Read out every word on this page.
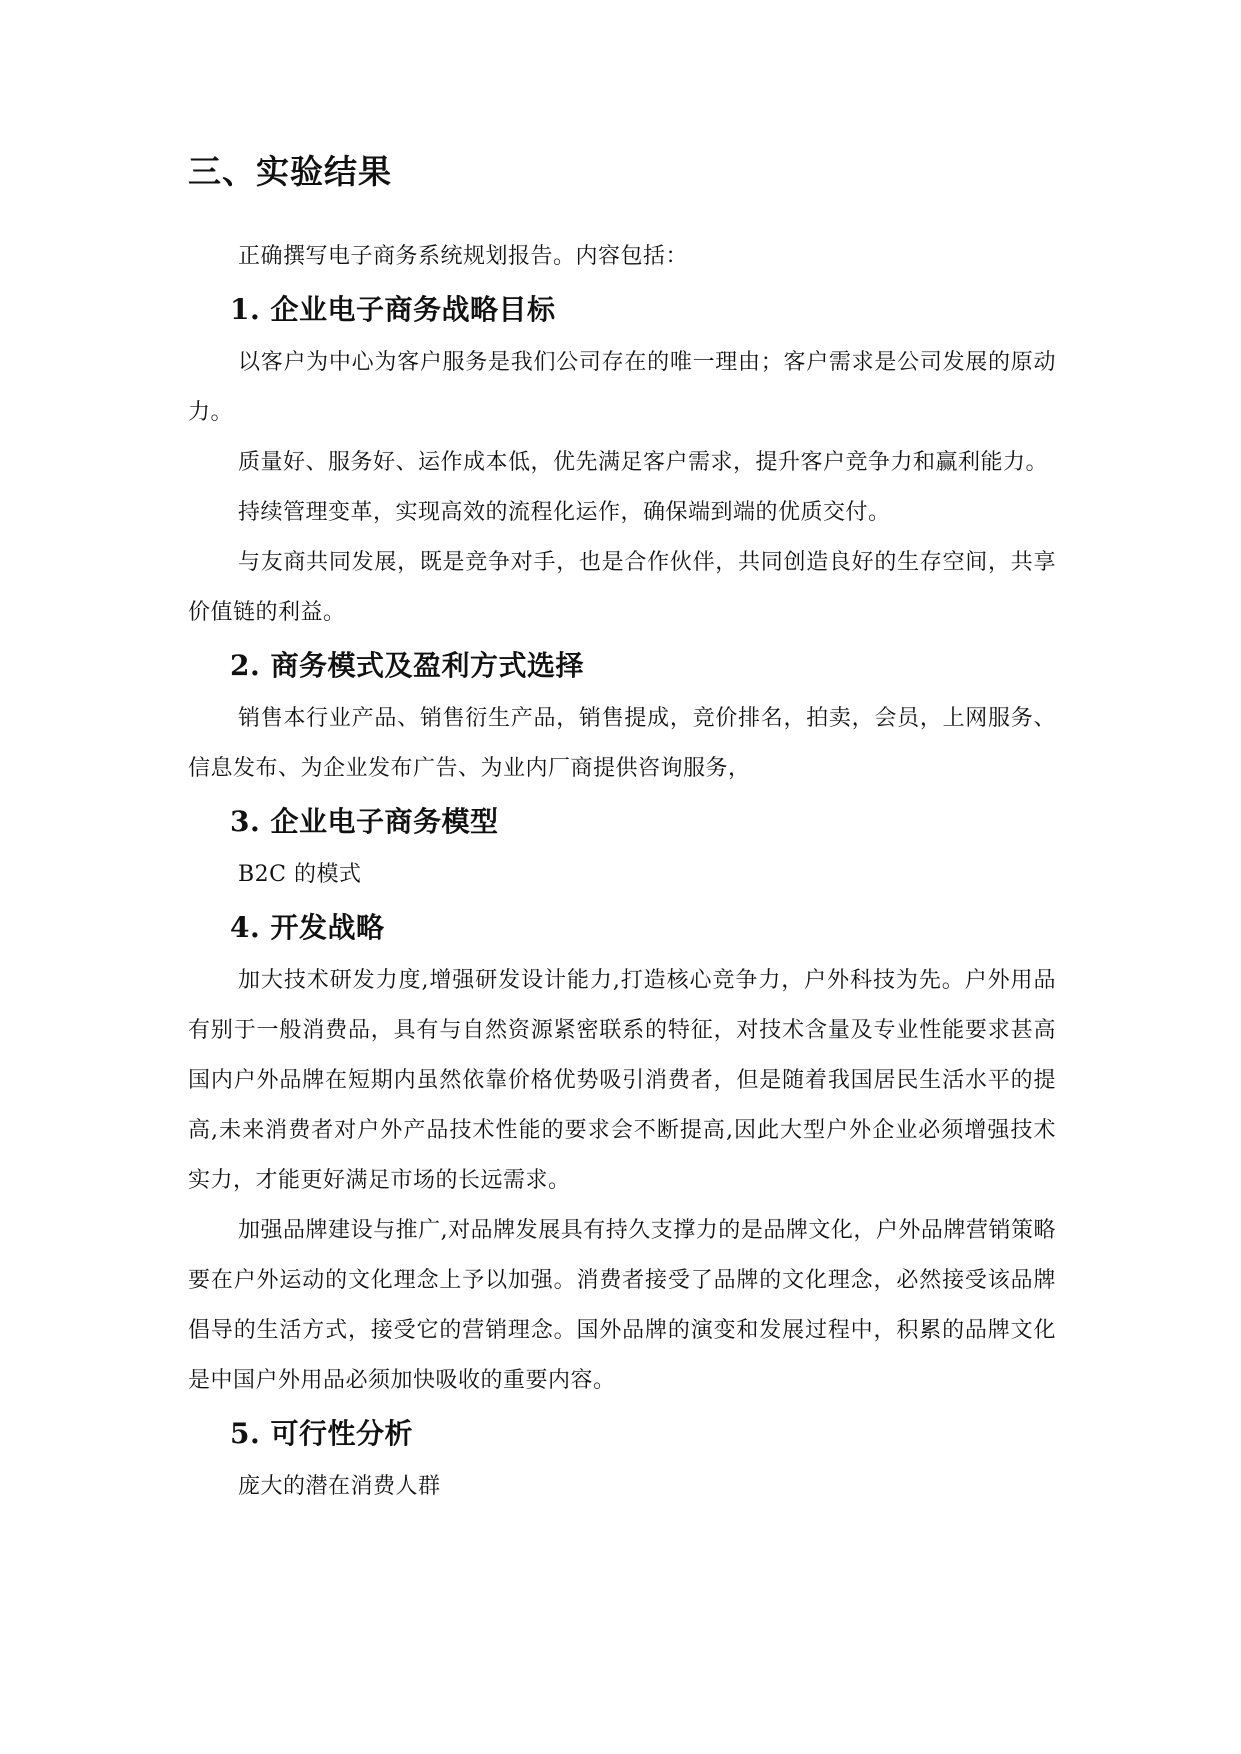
三、实验结果

正确撰写电子商务系统规划报告。内容包括：

1. 企业电子商务战略目标

以客户为中心为客户服务是我们公司存在的唯一理由；客户需求是公司发展的原动力。

质量好、服务好、运作成本低，优先满足客户需求，提升客户竞争力和赢利能力。

持续管理变革，实现高效的流程化运作，确保端到端的优质交付。

与友商共同发展，既是竞争对手，也是合作伙伴，共同创造良好的生存空间，共享价值链的利益。

2. 商务模式及盈利方式选择

销售本行业产品、销售衍生产品，销售提成，竞价排名，拍卖，会员，上网服务、信息发布、为企业发布广告、为业内厂商提供咨询服务，

3. 企业电子商务模型

B2C 的模式

4. 开发战略

加大技术研发力度,增强研发设计能力,打造核心竞争力，户外科技为先。户外用品有别于一般消费品，具有与自然资源紧密联系的特征，对技术含量及专业性能要求甚高 国内户外品牌在短期内虽然依靠价格优势吸引消费者，但是随着我国居民生活水平的提高,未来消费者对户外产品技术性能的要求会不断提高,因此大型户外企业必须增强技术实力，才能更好满足市场的长远需求。

加强品牌建设与推广,对品牌发展具有持久支撑力的是品牌文化，户外品牌营销策略要在户外运动的文化理念上予以加强。消费者接受了品牌的文化理念，必然接受该品牌倡导的生活方式，接受它的营销理念。国外品牌的演变和发展过程中，积累的品牌文化是中国户外用品必须加快吸收的重要内容。

5. 可行性分析

庞大的潜在消费人群
